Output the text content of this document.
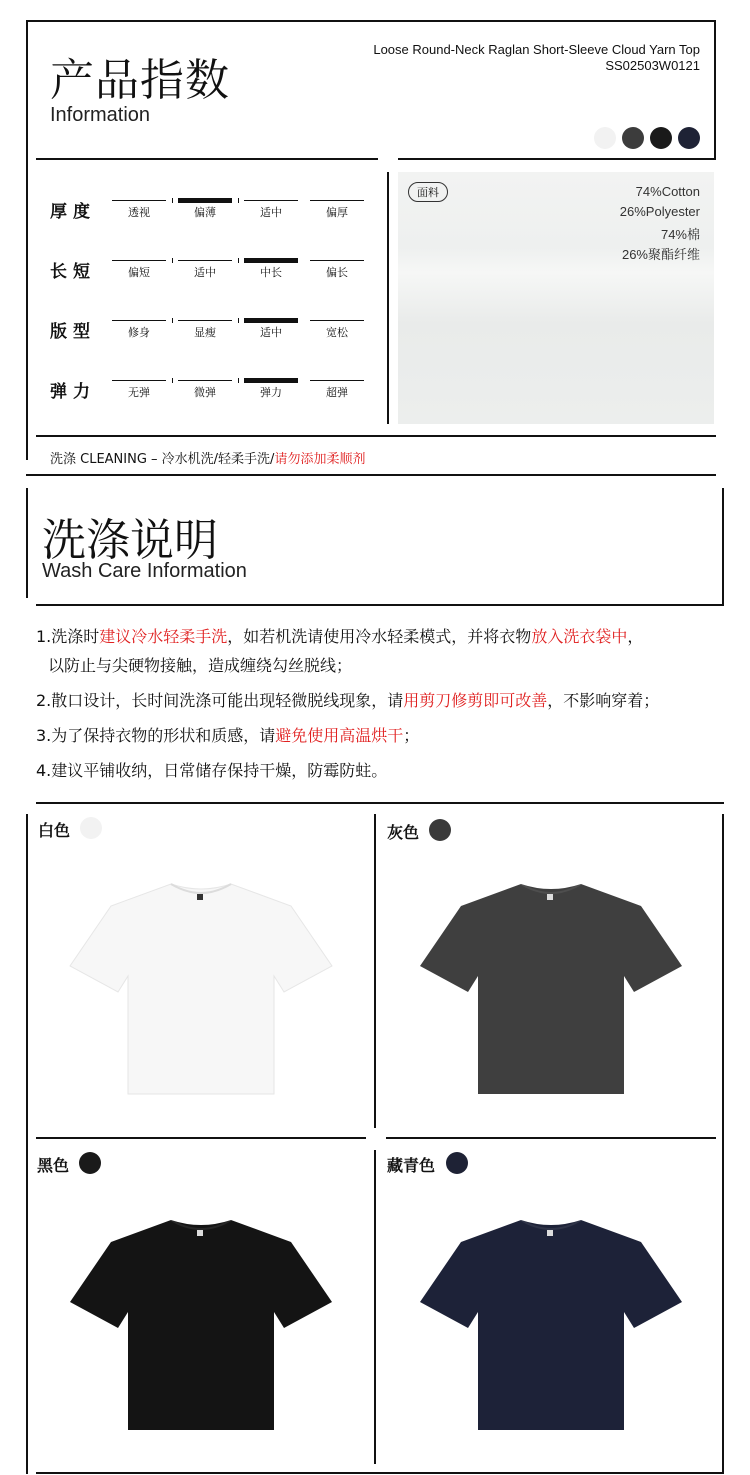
产品指数
Information
Loose Round-Neck Raglan Short-Sleeve Cloud Yarn Top
SS02503W0121
厚度	透视	偏薄	适中	偏厚
长短	偏短	适中	中长	偏长
版型	修身	显瘦	适中	宽松
弹力	无弹	微弹	弹力	超弹
面料	74%Cotton
26%Polyester
74%棉
26%聚酯纤维
洗涤 CLEANING – 冷水机洗/轻柔手洗/请勿添加柔顺剂
洗涤说明
Wash Care Information
1.洗涤时建议冷水轻柔手洗，如若机洗请使用冷水轻柔模式，并将衣物放入洗衣袋中，
以防止与尖硬物接触，造成缠绕勾丝脱线；
2.散口设计，长时间洗涤可能出现轻微脱线现象，请用剪刀修剪即可改善，不影响穿着；
3.为了保持衣物的形状和质感，请避免使用高温烘干；
4.建议平铺收纳，日常储存保持干燥，防霉防蛀。
白色	灰色
黑色	藏青色
